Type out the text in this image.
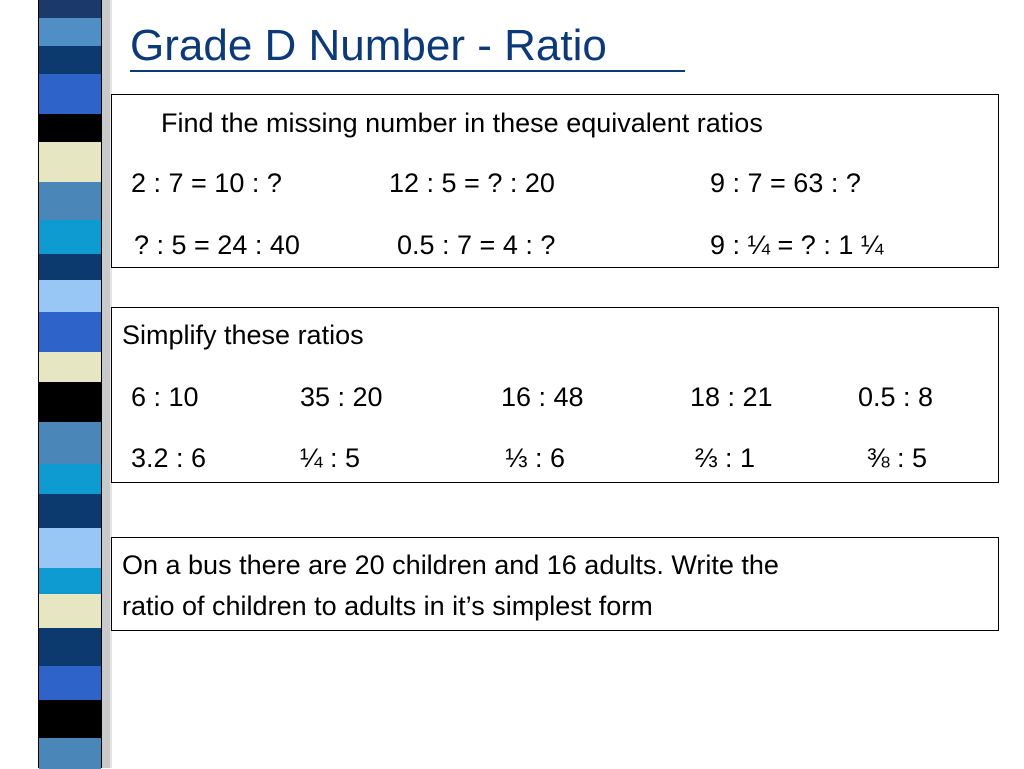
Grade D Number - Ratio
Find the missing number in these equivalent ratios
2 : 7 = 10 : ?	12 : 5 = ? : 20	9 : 7 = 63 : ?
? : 5 = 24 : 40	0.5 : 7 = 4 : ?	9 : ¼ = ? : 1 ¼
Simplify these ratios
6 : 10	35 : 20	16 : 48	18 : 21	0.5 : 8
3.2 : 6	¼ : 5	⅓ : 6	⅔ : 1	⅜ : 5
On a bus there are 20 children and 16 adults. Write the
ratio of children to adults in it’s simplest form
